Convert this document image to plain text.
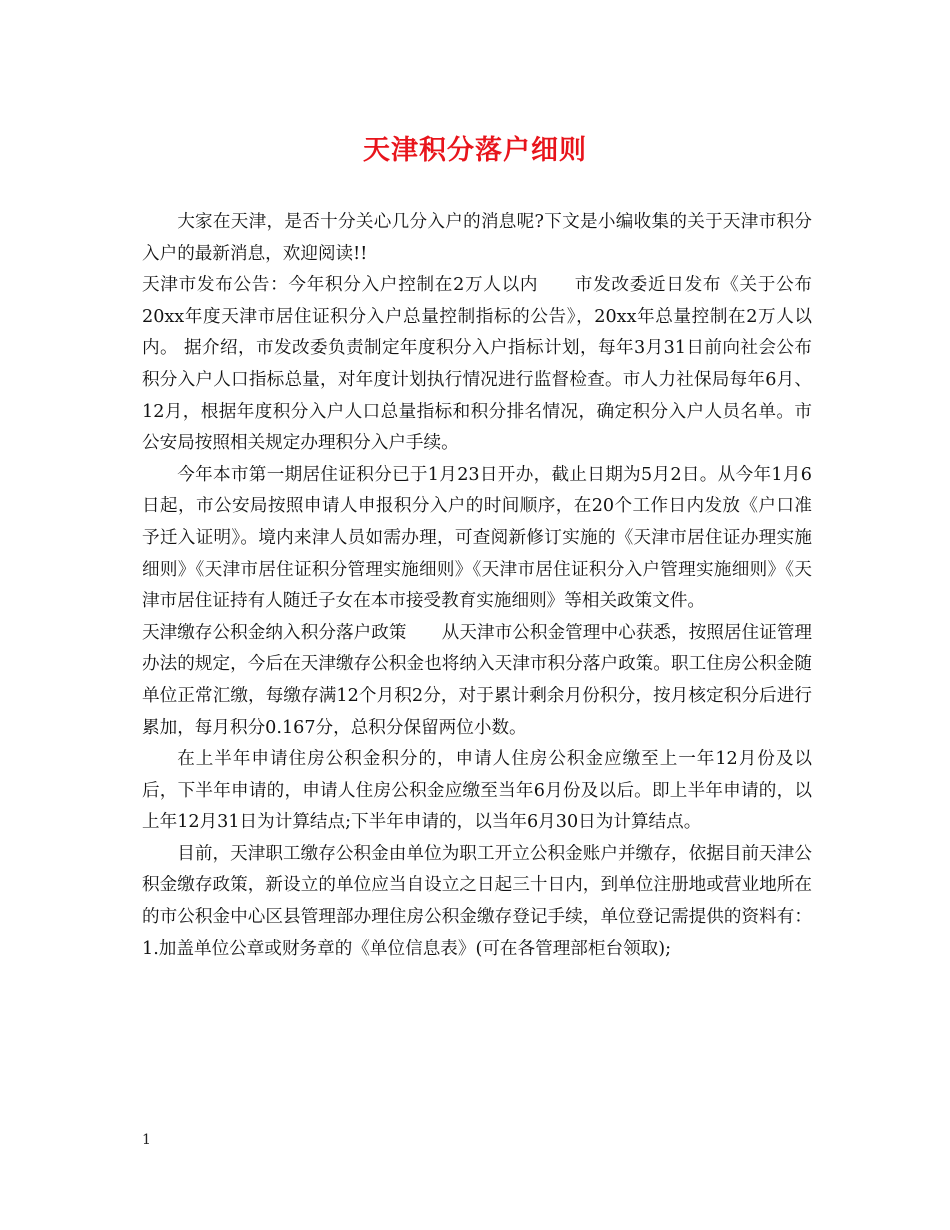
天津积分落户细则

大家在天津，是否十分关心几分入户的消息呢?下文是小编收集的关于天津市积分入户的最新消息，欢迎阅读!!

天津市发布公告：今年积分入户控制在2万人以内　　市发改委近日发布《关于公布20xx年度天津市居住证积分入户总量控制指标的公告》，20xx年总量控制在2万人以内。 据介绍，市发改委负责制定年度积分入户指标计划，每年3月31日前向社会公布积分入户人口指标总量，对年度计划执行情况进行监督检查。市人力社保局每年6月、12月，根据年度积分入户人口总量指标和积分排名情况，确定积分入户人员名单。市公安局按照相关规定办理积分入户手续。

今年本市第一期居住证积分已于1月23日开办，截止日期为5月2日。从今年1月6日起，市公安局按照申请人申报积分入户的时间顺序，在20个工作日内发放《户口准予迁入证明》。境内来津人员如需办理，可查阅新修订实施的《天津市居住证办理实施细则》《天津市居住证积分管理实施细则》《天津市居住证积分入户管理实施细则》《天津市居住证持有人随迁子女在本市接受教育实施细则》等相关政策文件。

天津缴存公积金纳入积分落户政策　　从天津市公积金管理中心获悉，按照居住证管理办法的规定，今后在天津缴存公积金也将纳入天津市积分落户政策。职工住房公积金随单位正常汇缴，每缴存满12个月积2分，对于累计剩余月份积分，按月核定积分后进行累加，每月积分0.167分，总积分保留两位小数。

在上半年申请住房公积金积分的，申请人住房公积金应缴至上一年12月份及以后，下半年申请的，申请人住房公积金应缴至当年6月份及以后。即上半年申请的，以上年12月31日为计算结点;下半年申请的，以当年6月30日为计算结点。

目前，天津职工缴存公积金由单位为职工开立公积金账户并缴存，依据目前天津公积金缴存政策，新设立的单位应当自设立之日起三十日内，到单位注册地或营业地所在的市公积金中心区县管理部办理住房公积金缴存登记手续，单位登记需提供的资料有：1.加盖单位公章或财务章的《单位信息表》(可在各管理部柜台领取);

1
